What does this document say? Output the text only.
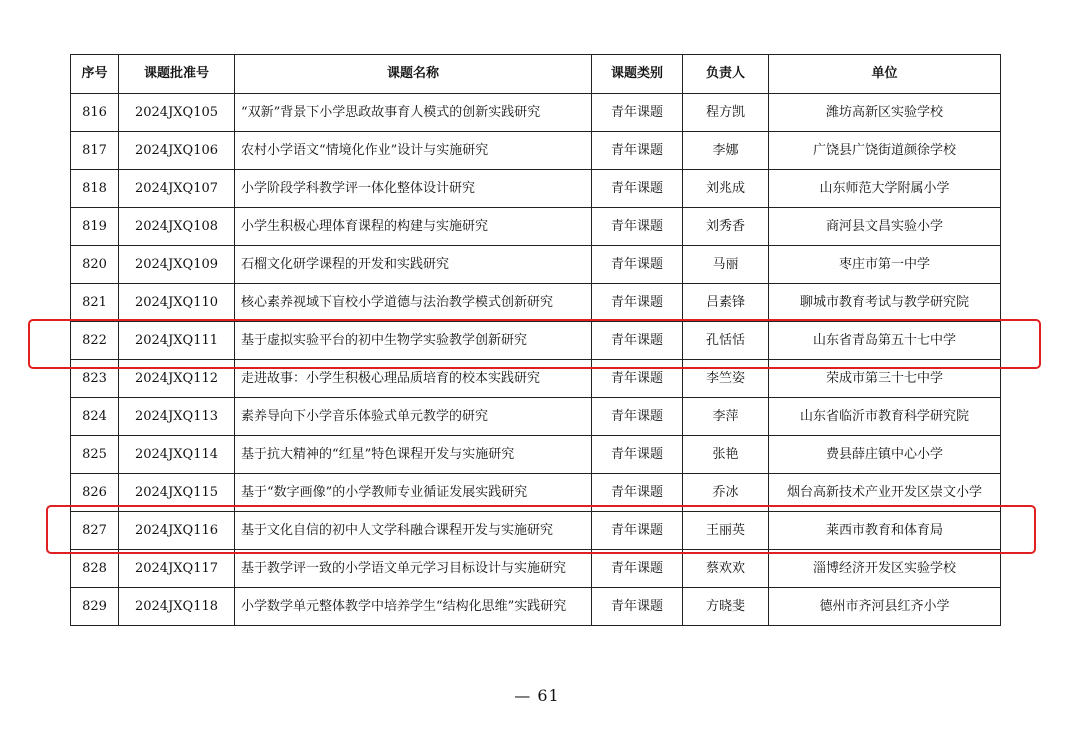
序号	课题批准号	课题名称	课题类别	负责人	单位
816	2024JXQ105	“双新”背景下小学思政故事育人模式的创新实践研究	青年课题	程方凯	潍坊高新区实验学校
817	2024JXQ106	农村小学语文“情境化作业”设计与实施研究	青年课题	李娜	广饶县广饶街道颜徐学校
818	2024JXQ107	小学阶段学科教学评一体化整体设计研究	青年课题	刘兆成	山东师范大学附属小学
819	2024JXQ108	小学生积极心理体育课程的构建与实施研究	青年课题	刘秀香	商河县文昌实验小学
820	2024JXQ109	石榴文化研学课程的开发和实践研究	青年课题	马丽	枣庄市第一中学
821	2024JXQ110	核心素养视域下盲校小学道德与法治教学模式创新研究	青年课题	吕素锋	聊城市教育考试与教学研究院
822	2024JXQ111	基于虚拟实验平台的初中生物学实验教学创新研究	青年课题	孔恬恬	山东省青岛第五十七中学
823	2024JXQ112	走进故事：小学生积极心理品质培育的校本实践研究	青年课题	李竺姿	荣成市第三十七中学
824	2024JXQ113	素养导向下小学音乐体验式单元教学的研究	青年课题	李萍	山东省临沂市教育科学研究院
825	2024JXQ114	基于抗大精神的“红星”特色课程开发与实施研究	青年课题	张艳	费县薛庄镇中心小学
826	2024JXQ115	基于“数字画像”的小学教师专业循证发展实践研究	青年课题	乔冰	烟台高新技术产业开发区崇文小学
827	2024JXQ116	基于文化自信的初中人文学科融合课程开发与实施研究	青年课题	王丽英	莱西市教育和体育局
828	2024JXQ117	基于教学评一致的小学语文单元学习目标设计与实施研究	青年课题	蔡欢欢	淄博经济开发区实验学校
829	2024JXQ118	小学数学单元整体教学中培养学生“结构化思维”实践研究	青年课题	方晓斐	德州市齐河县红齐小学
— 61
